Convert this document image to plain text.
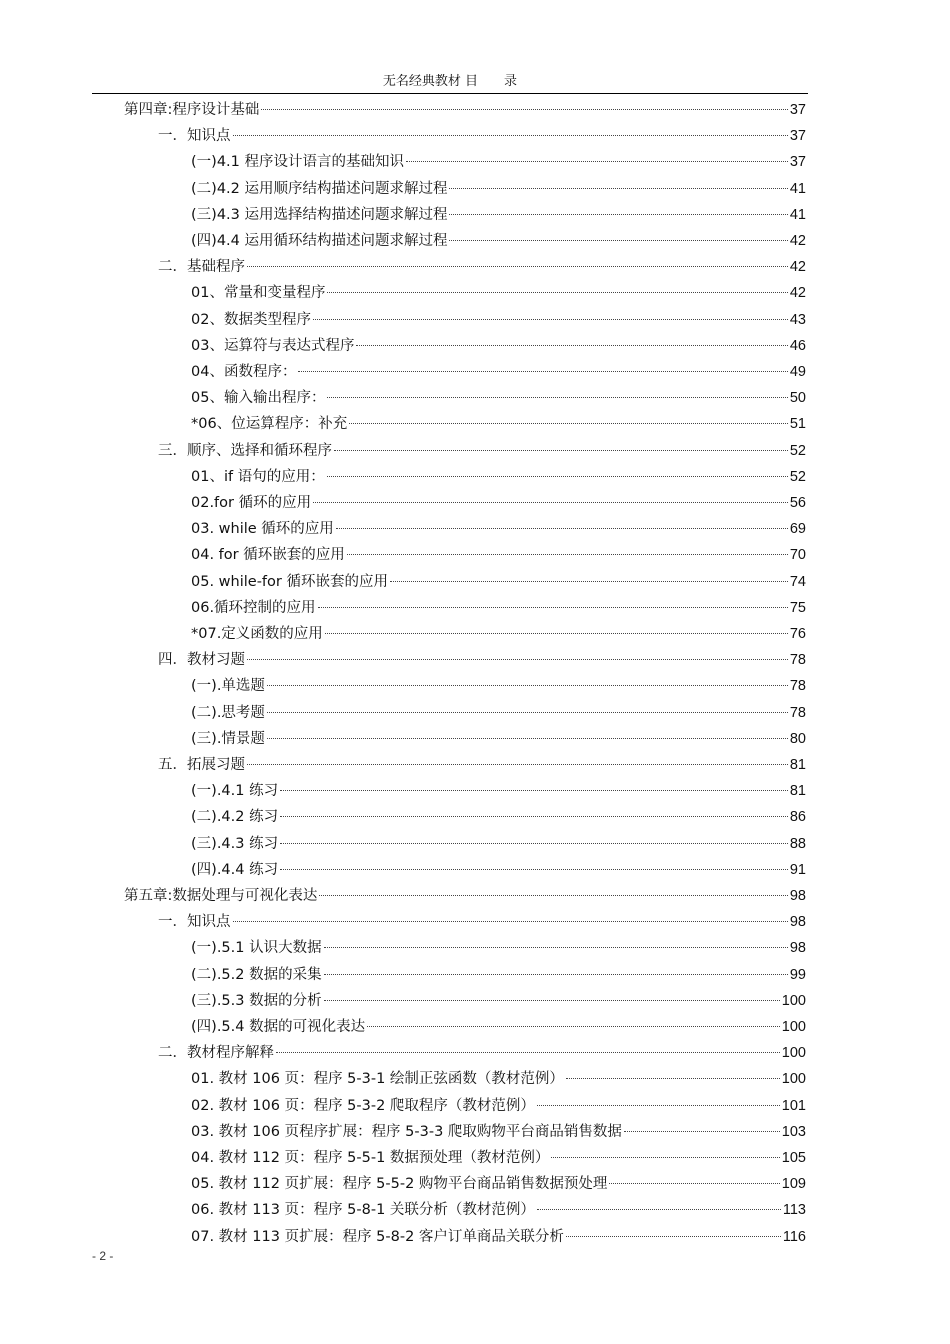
无名经典教材 目　　录
第四章:程序设计基础	37
一．知识点	37
(一)4.1 程序设计语言的基础知识	37
(二)4.2 运用顺序结构描述问题求解过程	41
(三)4.3 运用选择结构描述问题求解过程	41
(四)4.4 运用循环结构描述问题求解过程	42
二．基础程序	42
01、常量和变量程序	42
02、数据类型程序	43
03、运算符与表达式程序	46
04、函数程序：	49
05、输入输出程序：	50
*06、位运算程序：补充	51
三．顺序、选择和循环程序	52
01、if 语句的应用：	52
02.for 循环的应用	56
03. while 循环的应用	69
04. for 循环嵌套的应用	70
05. while-for 循环嵌套的应用	74
06.循环控制的应用	75
*07.定义函数的应用	76
四．教材习题	78
(一).单选题	78
(二).思考题	78
(三).情景题	80
五．拓展习题	81
(一).4.1 练习	81
(二).4.2 练习	86
(三).4.3 练习	88
(四).4.4 练习	91
第五章:数据处理与可视化表达	98
一．知识点	98
(一).5.1 认识大数据	98
(二).5.2 数据的采集	99
(三).5.3 数据的分析	100
(四).5.4 数据的可视化表达	100
二．教材程序解释	100
01. 教材 106 页：程序 5-3-1 绘制正弦函数（教材范例）	100
02. 教材 106 页：程序 5-3-2 爬取程序（教材范例）	101
03. 教材 106 页程序扩展：程序 5-3-3 爬取购物平台商品销售数据	103
04. 教材 112 页：程序 5-5-1 数据预处理（教材范例）	105
05. 教材 112 页扩展：程序 5-5-2 购物平台商品销售数据预处理	109
06. 教材 113 页：程序 5-8-1 关联分析（教材范例）	113
07. 教材 113 页扩展：程序 5-8-2 客户订单商品关联分析	116
- 2 -
